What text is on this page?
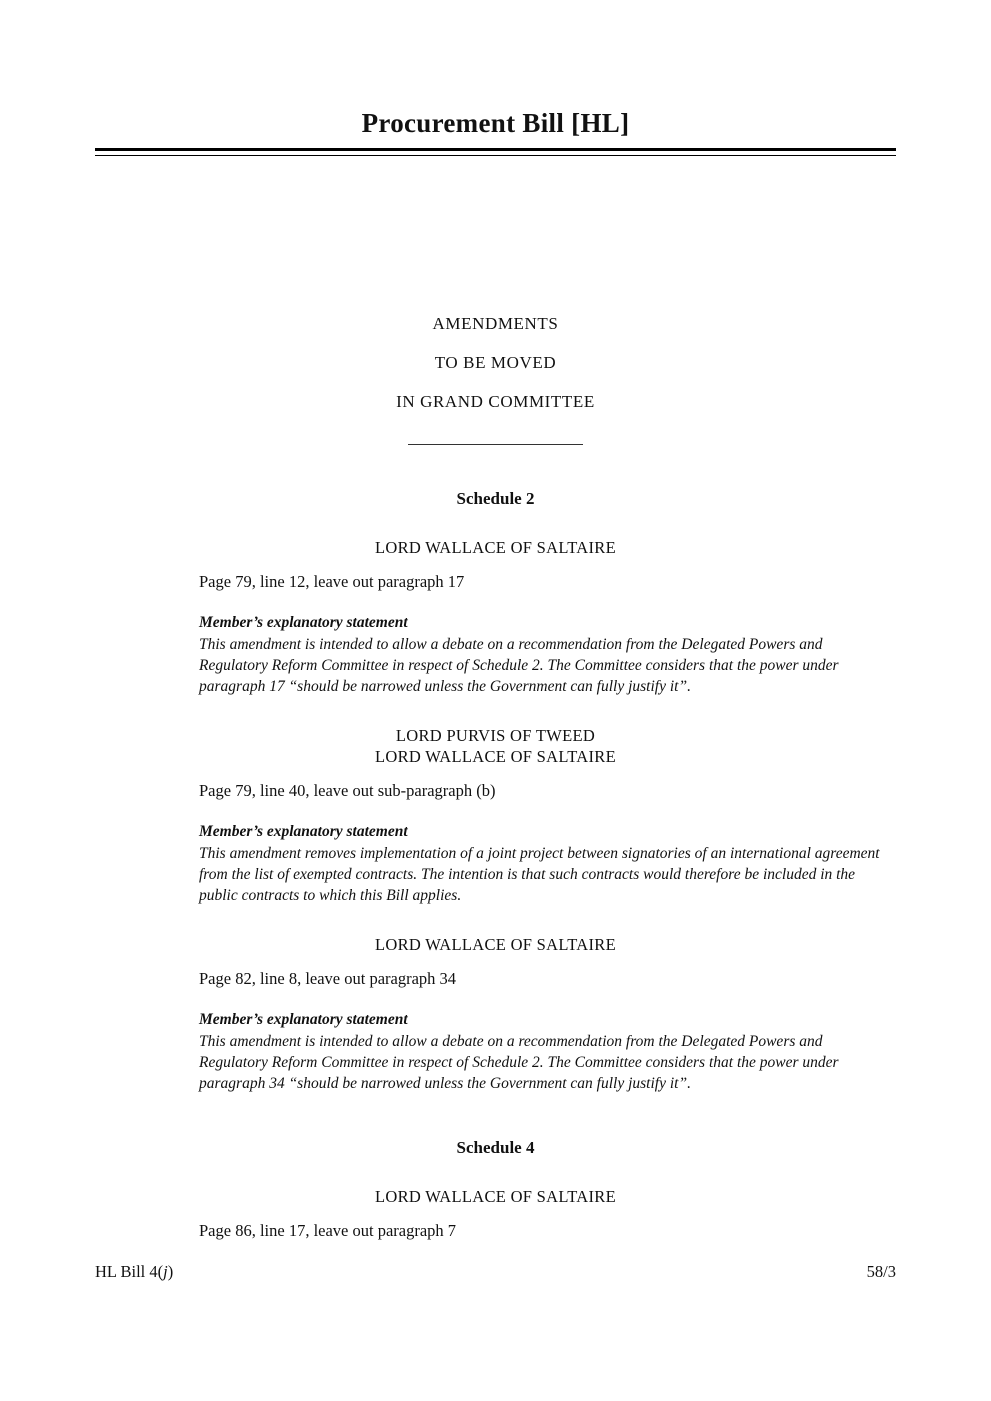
Procurement Bill [HL]
AMENDMENTS
TO BE MOVED
IN GRAND COMMITTEE
Schedule 2
LORD WALLACE OF SALTAIRE

Page 79, line 12, leave out paragraph 17

Member’s explanatory statement

This amendment is intended to allow a debate on a recommendation from the Delegated Powers and Regulatory Reform Committee in respect of Schedule 2. The Committee considers that the power under paragraph 17 “should be narrowed unless the Government can fully justify it”.

LORD PURVIS OF TWEED
LORD WALLACE OF SALTAIRE

Page 79, line 40, leave out sub-paragraph (b)

Member’s explanatory statement

This amendment removes implementation of a joint project between signatories of an international agreement from the list of exempted contracts. The intention is that such contracts would therefore be included in the public contracts to which this Bill applies.

LORD WALLACE OF SALTAIRE

Page 82, line 8, leave out paragraph 34

Member’s explanatory statement

This amendment is intended to allow a debate on a recommendation from the Delegated Powers and Regulatory Reform Committee in respect of Schedule 2. The Committee considers that the power under paragraph 34 “should be narrowed unless the Government can fully justify it”.

Schedule 4
LORD WALLACE OF SALTAIRE

Page 86, line 17, leave out paragraph 7

HL Bill 4(j)	58/3
